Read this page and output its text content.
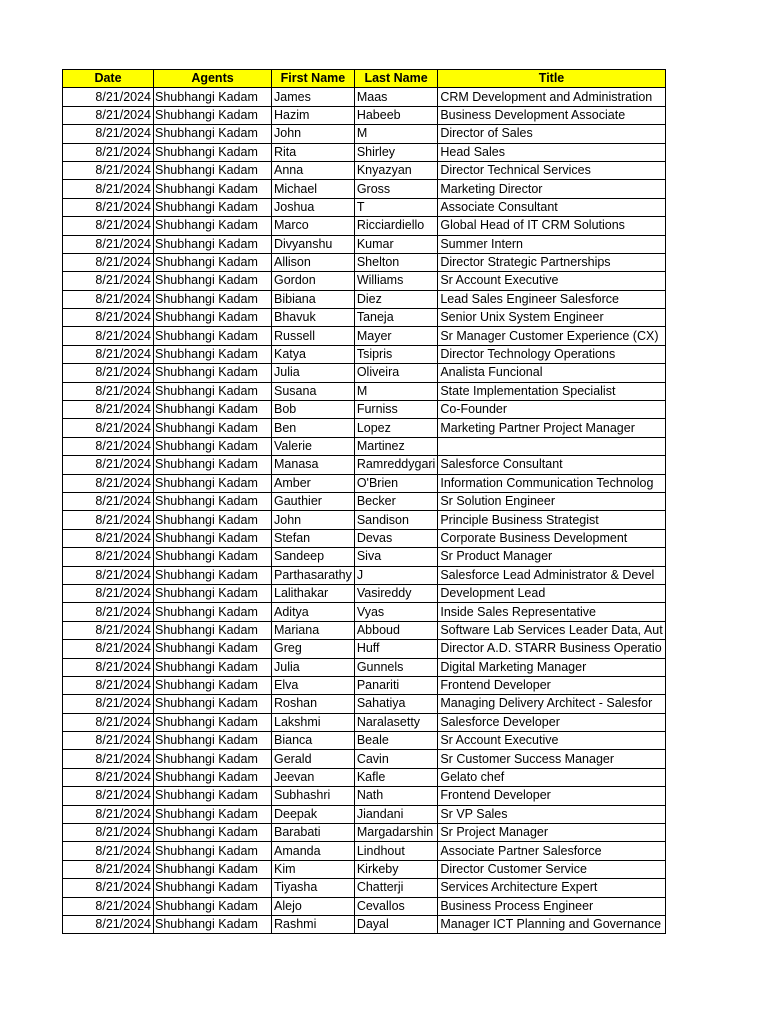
Date	Agents	First Name	Last Name	Title
8/21/2024	Shubhangi Kadam	James	Maas	CRM Development and Administration
8/21/2024	Shubhangi Kadam	Hazim	Habeeb	Business Development Associate
8/21/2024	Shubhangi Kadam	John	M	Director of Sales
8/21/2024	Shubhangi Kadam	Rita	Shirley	Head Sales
8/21/2024	Shubhangi Kadam	Anna	Knyazyan	Director Technical Services
8/21/2024	Shubhangi Kadam	Michael	Gross	Marketing Director
8/21/2024	Shubhangi Kadam	Joshua	T	Associate Consultant
8/21/2024	Shubhangi Kadam	Marco	Ricciardiello	Global Head of IT CRM Solutions
8/21/2024	Shubhangi Kadam	Divyanshu	Kumar	Summer Intern
8/21/2024	Shubhangi Kadam	Allison	Shelton	Director Strategic Partnerships
8/21/2024	Shubhangi Kadam	Gordon	Williams	Sr Account Executive
8/21/2024	Shubhangi Kadam	Bibiana	Diez	Lead Sales Engineer Salesforce
8/21/2024	Shubhangi Kadam	Bhavuk	Taneja	Senior Unix System Engineer
8/21/2024	Shubhangi Kadam	Russell	Mayer	Sr Manager Customer Experience (CX)
8/21/2024	Shubhangi Kadam	Katya	Tsipris	Director Technology Operations
8/21/2024	Shubhangi Kadam	Julia	Oliveira	Analista Funcional
8/21/2024	Shubhangi Kadam	Susana	M	State Implementation Specialist
8/21/2024	Shubhangi Kadam	Bob	Furniss	Co-Founder
8/21/2024	Shubhangi Kadam	Ben	Lopez	Marketing Partner Project Manager
8/21/2024	Shubhangi Kadam	Valerie	Martinez	
8/21/2024	Shubhangi Kadam	Manasa	Ramreddygari	Salesforce Consultant
8/21/2024	Shubhangi Kadam	Amber	O'Brien	Information Communication Technolog
8/21/2024	Shubhangi Kadam	Gauthier	Becker	Sr Solution Engineer
8/21/2024	Shubhangi Kadam	John	Sandison	Principle Business Strategist
8/21/2024	Shubhangi Kadam	Stefan	Devas	Corporate Business Development
8/21/2024	Shubhangi Kadam	Sandeep	Siva	Sr Product Manager
8/21/2024	Shubhangi Kadam	Parthasarathy	J	Salesforce Lead Administrator & Devel
8/21/2024	Shubhangi Kadam	Lalithakar	Vasireddy	Development Lead
8/21/2024	Shubhangi Kadam	Aditya	Vyas	Inside Sales Representative
8/21/2024	Shubhangi Kadam	Mariana	Abboud	Software Lab Services Leader Data, Aut
8/21/2024	Shubhangi Kadam	Greg	Huff	Director A.D. STARR Business Operatio
8/21/2024	Shubhangi Kadam	Julia	Gunnels	Digital Marketing Manager
8/21/2024	Shubhangi Kadam	Elva	Panariti	Frontend Developer
8/21/2024	Shubhangi Kadam	Roshan	Sahatiya	Managing Delivery Architect - Salesfor
8/21/2024	Shubhangi Kadam	Lakshmi	Naralasetty	Salesforce Developer
8/21/2024	Shubhangi Kadam	Bianca	Beale	Sr Account Executive
8/21/2024	Shubhangi Kadam	Gerald	Cavin	Sr Customer Success Manager
8/21/2024	Shubhangi Kadam	Jeevan	Kafle	Gelato chef
8/21/2024	Shubhangi Kadam	Subhashri	Nath	Frontend Developer
8/21/2024	Shubhangi Kadam	Deepak	Jiandani	Sr VP Sales
8/21/2024	Shubhangi Kadam	Barabati	Margadarshin	Sr Project Manager
8/21/2024	Shubhangi Kadam	Amanda	Lindhout	Associate Partner Salesforce
8/21/2024	Shubhangi Kadam	Kim	Kirkeby	Director Customer Service
8/21/2024	Shubhangi Kadam	Tiyasha	Chatterji	Services Architecture Expert
8/21/2024	Shubhangi Kadam	Alejo	Cevallos	Business Process Engineer
8/21/2024	Shubhangi Kadam	Rashmi	Dayal	Manager ICT Planning and Governance
